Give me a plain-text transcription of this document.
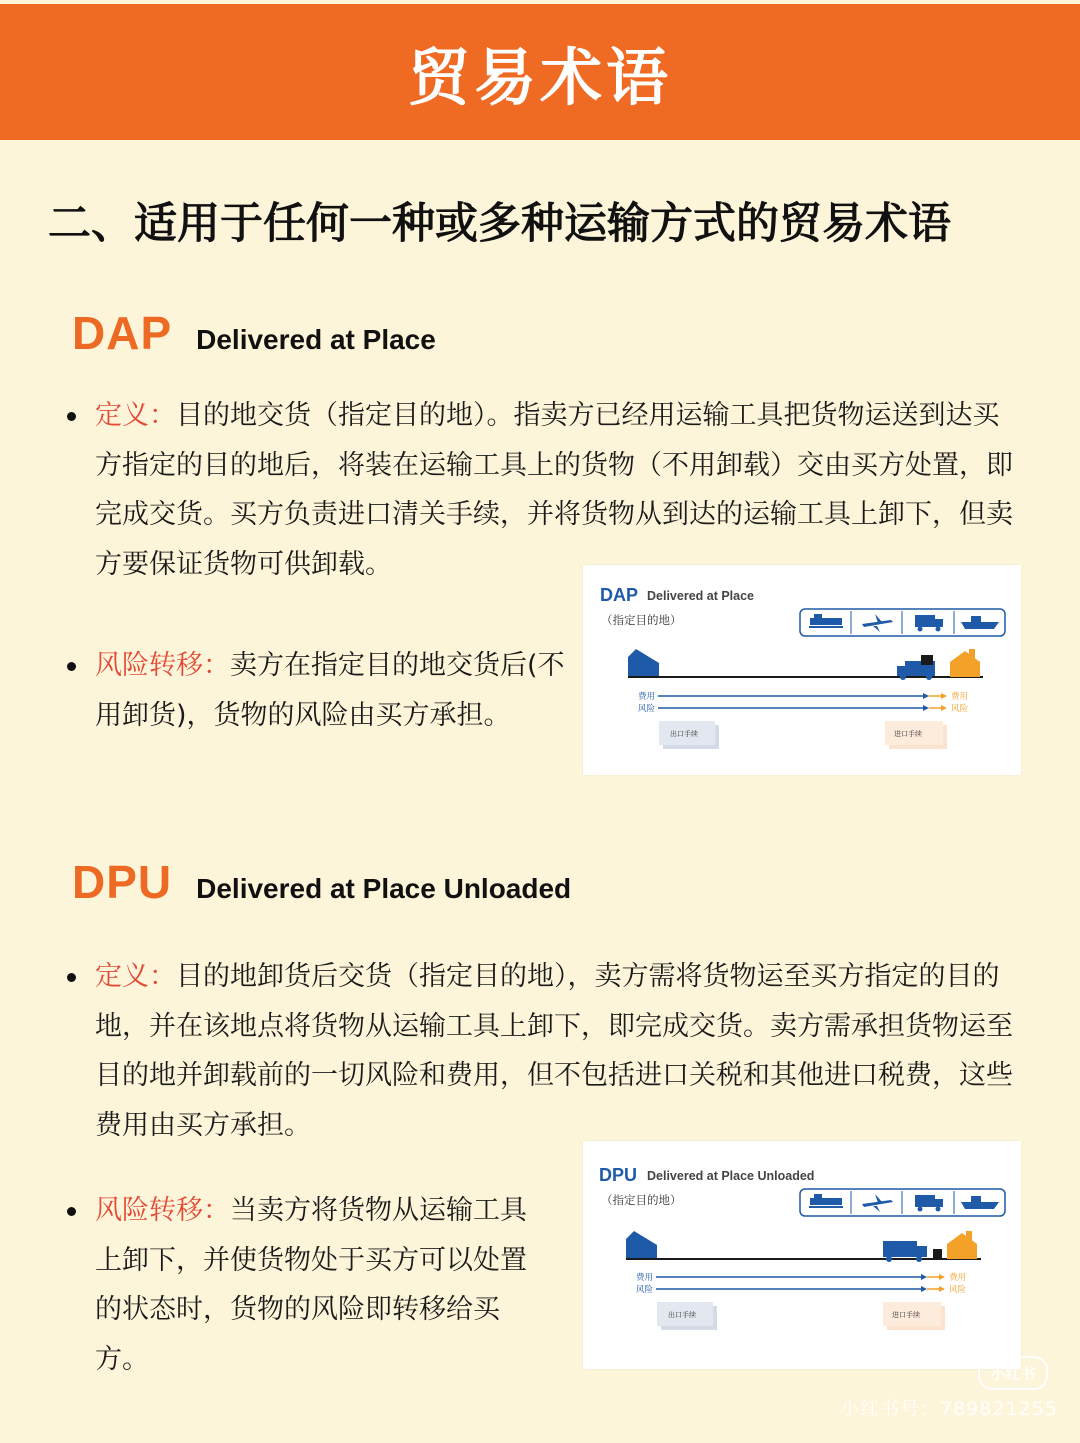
贸易术语
二、适用于任何一种或多种运输方式的贸易术语
DAP Delivered at Place
定义：目的地交货（指定目的地）。指卖方已经用运输工具把货物运送到达买方指定的目的地后，将装在运输工具上的货物（不用卸载）交由买方处置，即完成交货。买方负责进口清关手续，并将货物从到达的运输工具上卸下，但卖方要保证货物可供卸载。
风险转移：卖方在指定目的地交货后(不用卸货)，货物的风险由买方承担。
DAP Delivered at Place
（指定目的地）
费用
风险
费用
风险
出口手续	进口手续
DPU Delivered at Place Unloaded
定义：目的地卸货后交货（指定目的地），卖方需将货物运至买方指定的目的地，并在该地点将货物从运输工具上卸下，即完成交货。卖方需承担货物运至目的地并卸载前的一切风险和费用，但不包括进口关税和其他进口税费，这些费用由买方承担。
风险转移：当卖方将货物从运输工具上卸下，并使货物处于买方可以处置的状态时，货物的风险即转移给买方。
DPU Delivered at Place Unloaded
（指定目的地）
费用
风险
费用
风险
出口手续	进口手续
小红书
小红书号：789821255
